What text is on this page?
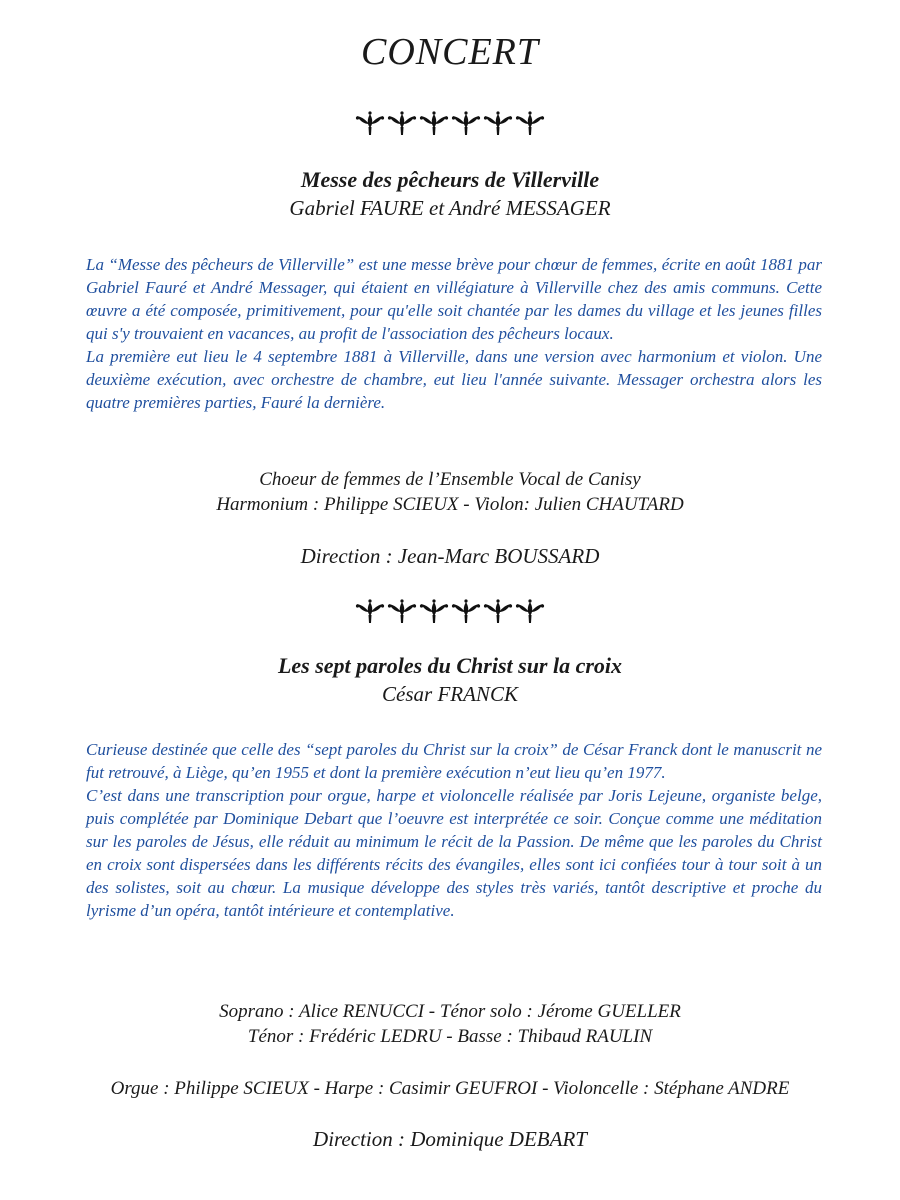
CONCERT
Messe des pêcheurs de Villerville
Gabriel FAURE et André MESSAGER

La “Messe des pêcheurs de Villerville” est une messe brève pour chœur de femmes, écrite en août 1881 par Gabriel Fauré et André Messager, qui étaient en villégiature à Villerville chez des amis communs. Cette œuvre a été composée, primitivement, pour qu'elle soit chantée par les dames du village et les jeunes filles qui s'y trouvaient en vacances, au profit de l'association des pêcheurs locaux.

La première eut lieu le 4 septembre 1881 à Villerville, dans une version avec harmonium et violon. Une deuxième exécution, avec orchestre de chambre, eut lieu l'année suivante. Messager orchestra alors les quatre premières parties, Fauré la dernière.

Choeur de femmes de l’Ensemble Vocal de Canisy
Harmonium : Philippe SCIEUX - Violon: Julien CHAUTARD
Direction : Jean-Marc BOUSSARD
Les sept paroles du Christ sur la croix
César FRANCK

Curieuse destinée que celle des “sept paroles du Christ sur la croix” de César Franck dont le manuscrit ne fut retrouvé, à Liège, qu’en 1955 et dont la première exécution n’eut lieu qu’en 1977.

C’est dans une transcription pour orgue, harpe et violoncelle réalisée par Joris Lejeune, organiste belge, puis complétée par Dominique Debart que l’oeuvre est interprétée ce soir. Conçue comme une méditation sur les paroles de Jésus, elle réduit au minimum le récit de la Passion. De même que les paroles du Christ en croix sont dispersées dans les différents récits des évangiles, elles sont ici confiées tour à tour soit à un des solistes, soit au chœur. La musique développe des styles très variés, tantôt descriptive et proche du lyrisme d’un opéra, tantôt intérieure et contemplative.

Soprano : Alice RENUCCI - Ténor solo : Jérome GUELLER
Ténor : Frédéric LEDRU - Basse : Thibaud RAULIN
Orgue : Philippe SCIEUX - Harpe : Casimir GEUFROI - Violoncelle : Stéphane ANDRE
Direction : Dominique DEBART
